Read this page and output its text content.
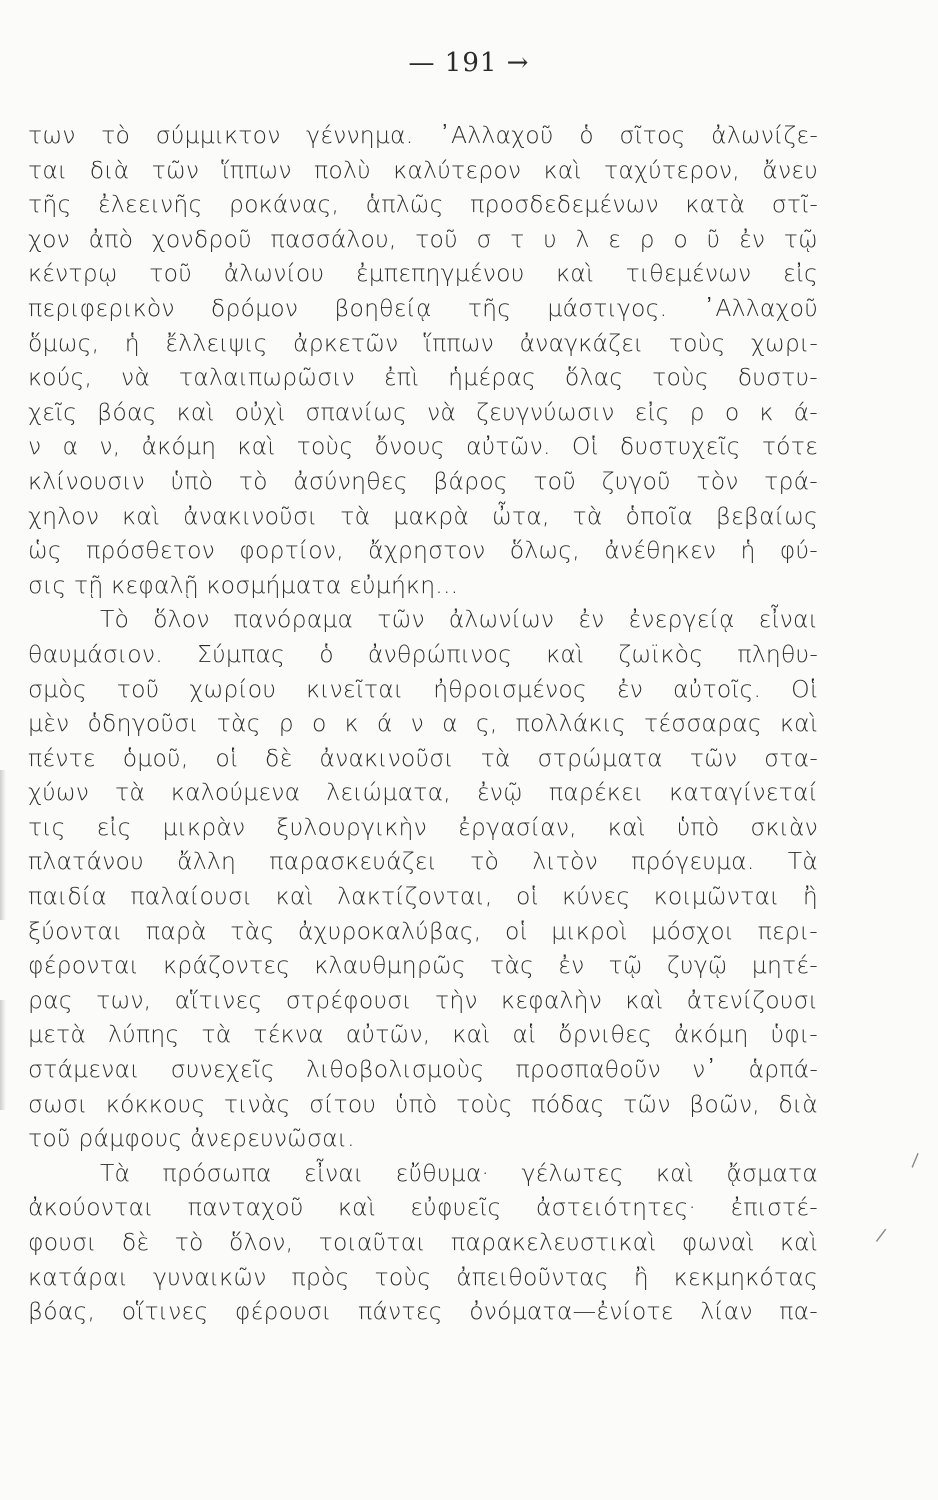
— 191 →
των τὸ σύμμικτον γέννημα. ᾿Αλλαχοῦ ὁ σῖτος ἀλωνίζε-
ται διὰ τῶν ἵππων πολὺ καλύτερον καὶ ταχύτερον, ἄνευ
τῆς ἐλεεινῆς ροκάνας, ἁπλῶς προσδεδεμένων κατὰ στῖ-
χον ἀπὸ χονδροῦ πασσάλου, τοῦ σ τ υ λ ε ρ ο ῦ ἐν τῷ
κέντρῳ τοῦ ἀλωνίου ἐμπεπηγμένου καὶ τιθεμένων εἰς
περιφερικὸν δρόμον βοηθείᾳ τῆς μάστιγος. ᾿Αλλαχοῦ
ὅμως, ἡ ἔλλειψις ἀρκετῶν ἵππων ἀναγκάζει τοὺς χωρι-
κούς, νὰ ταλαιπωρῶσιν ἐπὶ ἡμέρας ὅλας τοὺς δυστυ-
χεῖς βόας καὶ οὐχὶ σπανίως νὰ ζευγνύωσιν εἰς ρ ο κ ά-
ν α ν, ἀκόμη καὶ τοὺς ὄνους αὐτῶν. Οἱ δυστυχεῖς τότε
κλίνουσιν ὑπὸ τὸ ἀσύνηθες βάρος τοῦ ζυγοῦ τὸν τρά-
χηλον καὶ ἀνακινοῦσι τὰ μακρὰ ὦτα, τὰ ὁποῖα βεβαίως
ὡς πρόσθετον φορτίον, ἄχρηστον ὅλως, ἀνέθηκεν ἡ φύ-
σις τῇ κεφαλῇ κοσμήματα εὐμήκη...
Τὸ ὅλον πανόραμα τῶν ἀλωνίων ἐν ἐνεργείᾳ εἶναι
θαυμάσιον. Σύμπας ὁ ἀνθρώπινος καὶ ζωϊκὸς πληθυ-
σμὸς τοῦ χωρίου κινεῖται ἠθροισμένος ἐν αὐτοῖς. Οἱ
μὲν ὁδηγοῦσι τὰς ρ ο κ ά ν α ς, πολλάκις τέσσαρας καὶ
πέντε ὁμοῦ, οἱ δὲ ἀνακινοῦσι τὰ στρώματα τῶν στα-
χύων τὰ καλούμενα λειώματα, ἐνῷ παρέκει καταγίνεταί
τις εἰς μικρὰν ξυλουργικὴν ἐργασίαν, καὶ ὑπὸ σκιὰν
πλατάνου ἄλλη παρασκευάζει τὸ λιτὸν πρόγευμα. Τὰ
παιδία παλαίουσι καὶ λακτίζονται, οἱ κύνες κοιμῶνται ἢ
ξύονται παρὰ τὰς ἀχυροκαλύβας, οἱ μικροὶ μόσχοι περι-
φέρονται κράζοντες κλαυθμηρῶς τὰς ἐν τῷ ζυγῷ μητέ-
ρας των, αἵτινες στρέφουσι τὴν κεφαλὴν καὶ ἀτενίζουσι
μετὰ λύπης τὰ τέκνα αὐτῶν, καὶ αἱ ὄρνιθες ἀκόμη ὑφι-
στάμεναι συνεχεῖς λιθοβολισμοὺς προσπαθοῦν ν᾿ ἁρπά-
σωσι κόκκους τινὰς σίτου ὑπὸ τοὺς πόδας τῶν βοῶν, διὰ
τοῦ ράμφους ἀνερευνῶσαι.
Τὰ πρόσωπα εἶναι εὔθυμα· γέλωτες καὶ ᾄσματα
ἀκούονται πανταχοῦ καὶ εὐφυεῖς ἀστειότητες· ἐπιστέ-
φουσι δὲ τὸ ὅλον, τοιαῦται παρακελευστικαὶ φωναὶ καὶ
κατάραι γυναικῶν πρὸς τοὺς ἀπειθοῦντας ἢ κεκμηκότας
βόας, οἵτινες φέρουσι πάντες ὀνόματα—ἐνίοτε λίαν πα-
\
/
